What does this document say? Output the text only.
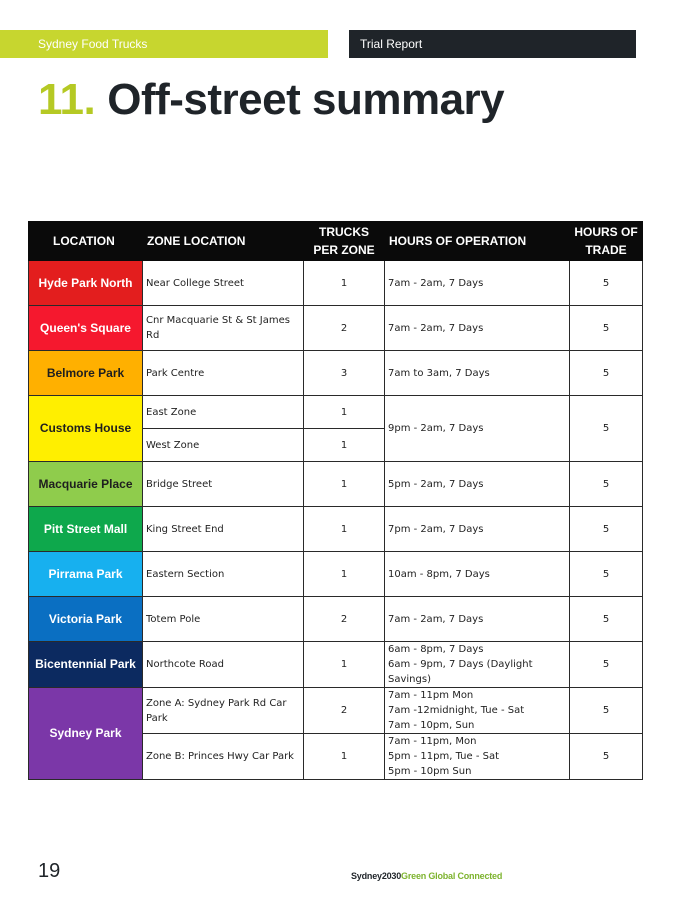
Sydney Food Trucks	Trial Report
11. Off-street summary
LOCATION	ZONE LOCATION	TRUCKS PER ZONE	HOURS OF OPERATION	HOURS OF TRADE
Hyde Park North	Near College Street	1	7am - 2am, 7 Days	5
Queen's Square	Cnr Macquarie St & St James Rd	2	7am - 2am, 7 Days	5
Belmore Park	Park Centre	3	7am to 3am, 7 Days	5
Customs House	East Zone	1	9pm - 2am, 7 Days	5
	West Zone	1		
Macquarie Place	Bridge Street	1	5pm - 2am, 7 Days	5
Pitt Street Mall	King Street End	1	7pm - 2am, 7 Days	5
Pirrama Park	Eastern Section	1	10am - 8pm, 7 Days	5
Victoria Park	Totem Pole	2	7am - 2am, 7 Days	5
Bicentennial Park	Northcote Road	1	6am - 8pm, 7 Days
6am - 9pm, 7 Days (Daylight Savings)	5
Sydney Park	Zone A: Sydney Park Rd Car Park	2	7am - 11pm Mon
7am -12midnight, Tue - Sat
7am - 10pm, Sun	5
	Zone B: Princes Hwy Car Park	1	7am - 11pm, Mon
5pm - 11pm, Tue - Sat
5pm - 10pm Sun	5
19	Sydney2030Green Global Connected
